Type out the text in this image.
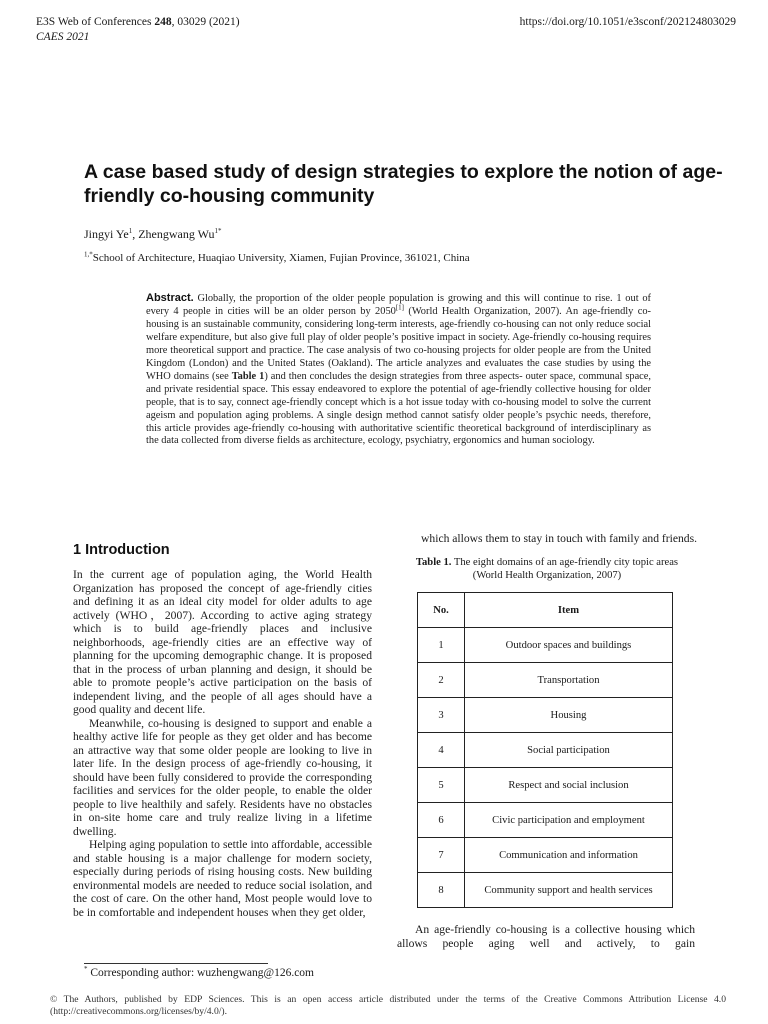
E3S Web of Conferences 248, 03029 (2021)
CAES 2021
https://doi.org/10.1051/e3sconf/202124803029
A case based study of design strategies to explore the notion of age-friendly co-housing community
Jingyi Ye$^1$, Zhengwang $Wu^{1*}$
$^{1,*}$School of Architecture, Huaqiao University, Xiamen, Fujian Province, 361021, China
Abstract. Globally, the proportion of the older people population is growing and this will continue to rise. 1 out of every 4 people in cities will be an older person by 2050[1] (World Health Organization, 2007). An age-friendly co-housing is an sustainable community, considering long-term interests, age-friendly co-housing can not only reduce social welfare expenditure, but also give full play of older people’s positive impact in society. Age-friendly co-housing requires more theoretical support and practice. The case analysis of two co-housing projects for older people are from the United Kingdom (London) and the United States (Oakland). The article analyzes and evaluates the case studies by using the WHO domains (see Table 1) and then concludes the design strategies from three aspects- outer space, communal space, and private residential space. This essay endeavored to explore the potential of age-friendly collective housing for older people, that is to say, connect age-friendly concept which is a hot issue today with co-housing model to solve the current ageism and population aging problems. A single design method cannot satisfy older people’s psychic needs, therefore, this article provides age-friendly co-housing with authoritative scientific theoretical background of interdisciplinary as the data collected from diverse fields as architecture, ecology, psychiatry, ergonomics and human sociology.
1 Introduction

In the current age of population aging, the World Health Organization has proposed the concept of age-friendly cities and defining it as an ideal city model for older adults to age actively (WHO，2007). According to active aging strategy which is to build age-friendly places and inclusive neighborhoods, age-friendly cities are an effective way of planning for the upcoming demographic change. It is proposed that in the process of urban planning and design, it should be able to promote people’s active participation on the basis of independent living, and the people of all ages should have a good quality and decent life.

Meanwhile, co-housing is designed to support and enable a healthy active life for people as they get older and has become an attractive way that some older people are looking to live in later life. In the design process of age-friendly co-housing, it should have been fully considered to provide the corresponding facilities and services for the older people, to enable the older people to live healthily and safely. Residents have no obstacles in on-site home care and truly realize living in a lifetime dwelling.

Helping aging population to settle into affordable, accessible and stable housing is a major challenge for modern society, especially during periods of rising housing costs. New building environmental models are needed to reduce social isolation, and the cost of care. On the other hand, Most people would love to be in comfortable and independent houses when they get older,

which allows them to stay in touch with family and friends.
Table 1. The eight domains of an age-friendly city topic areas
(World Health Organization, 2007)
No.	Item
1	Outdoor spaces and buildings
2	Transportation
3	Housing
4	Social participation
5	Respect and social inclusion
6	Civic participation and employment
7	Communication and information
8	Community support and health services
An age-friendly co-housing is a collective housing which allows people aging well and actively, to gain
* Corresponding author: wuzhengwang@126.com
© The Authors, published by EDP Sciences. This is an open access article distributed under the terms of the Creative Commons Attribution License 4.0 (http://creativecommons.org/licenses/by/4.0/).
